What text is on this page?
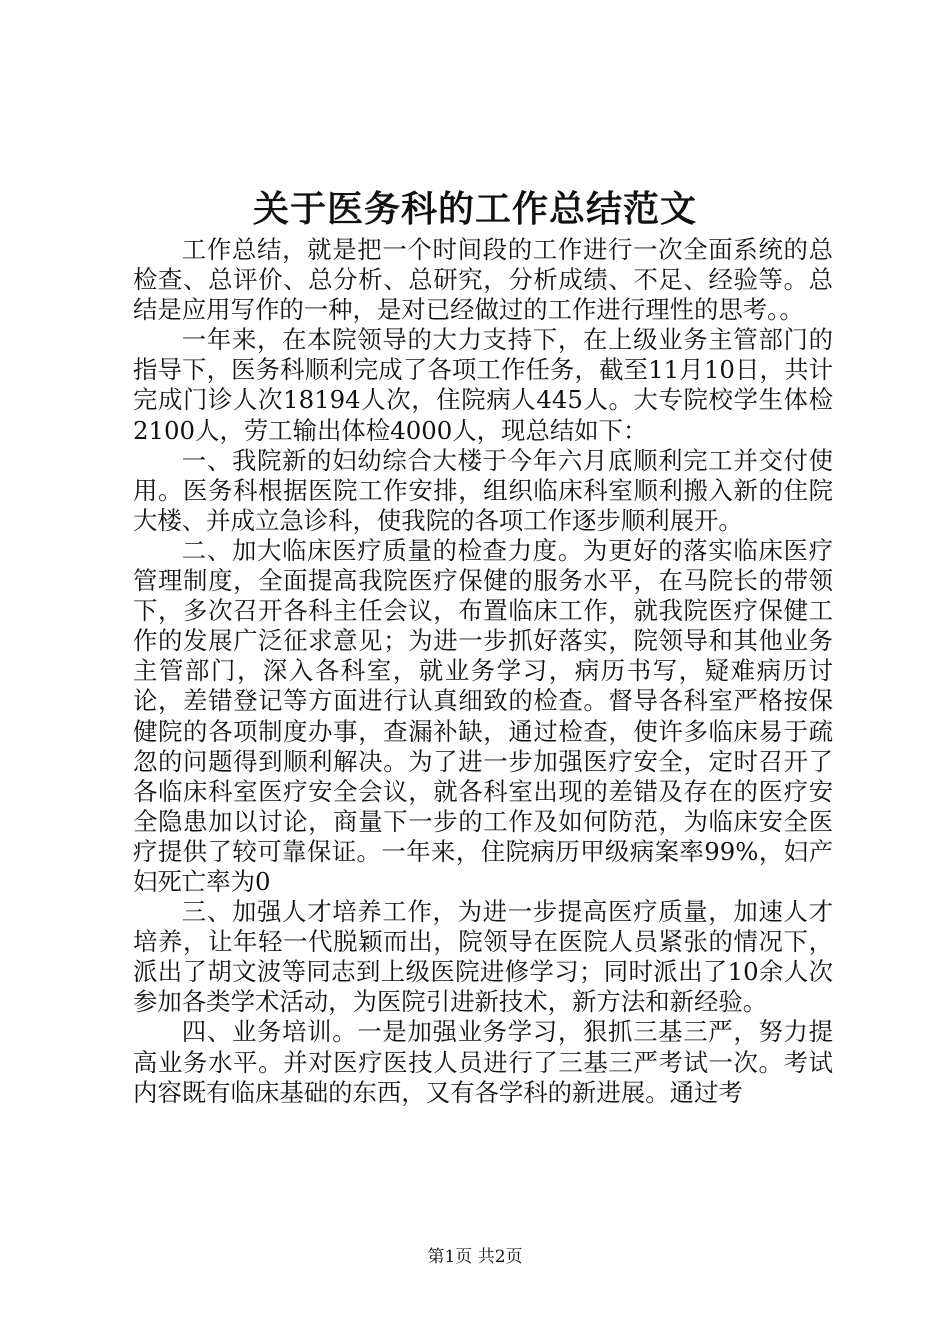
关于医务科的工作总结范文

工作总结，就是把一个时间段的工作进行一次全面系统的总检查、总评价、总分析、总研究，分析成绩、不足、经验等。总结是应用写作的一种，是对已经做过的工作进行理性的思考。。

一年来，在本院领导的大力支持下，在上级业务主管部门的指导下，医务科顺利完成了各项工作任务，截至11月10日，共计完成门诊人次18194人次，住院病人445人。大专院校学生体检2100人，劳工输出体检4000人，现总结如下：

一、我院新的妇幼综合大楼于今年六月底顺利完工并交付使用。医务科根据医院工作安排，组织临床科室顺利搬入新的住院大楼、并成立急诊科，使我院的各项工作逐步顺利展开。

二、加大临床医疗质量的检查力度。为更好的落实临床医疗管理制度，全面提高我院医疗保健的服务水平，在马院长的带领下，多次召开各科主任会议，布置临床工作，就我院医疗保健工作的发展广泛征求意见；为进一步抓好落实，院领导和其他业务主管部门，深入各科室，就业务学习，病历书写，疑难病历讨论，差错登记等方面进行认真细致的检查。督导各科室严格按保健院的各项制度办事，查漏补缺，通过检查，使许多临床易于疏忽的问题得到顺利解决。为了进一步加强医疗安全，定时召开了各临床科室医疗安全会议，就各科室出现的差错及存在的医疗安全隐患加以讨论，商量下一步的工作及如何防范，为临床安全医疗提供了较可靠保证。一年来，住院病历甲级病案率99%，妇产妇死亡率为0

三、加强人才培养工作，为进一步提高医疗质量，加速人才培养，让年轻一代脱颖而出，院领导在医院人员紧张的情况下，派出了胡文波等同志到上级医院进修学习；同时派出了10余人次参加各类学术活动，为医院引进新技术，新方法和新经验。

四、业务培训。一是加强业务学习，狠抓三基三严，努力提高业务水平。并对医疗医技人员进行了三基三严考试一次。考试内容既有临床基础的东西，又有各学科的新进展。通过考

第1页 共2页
